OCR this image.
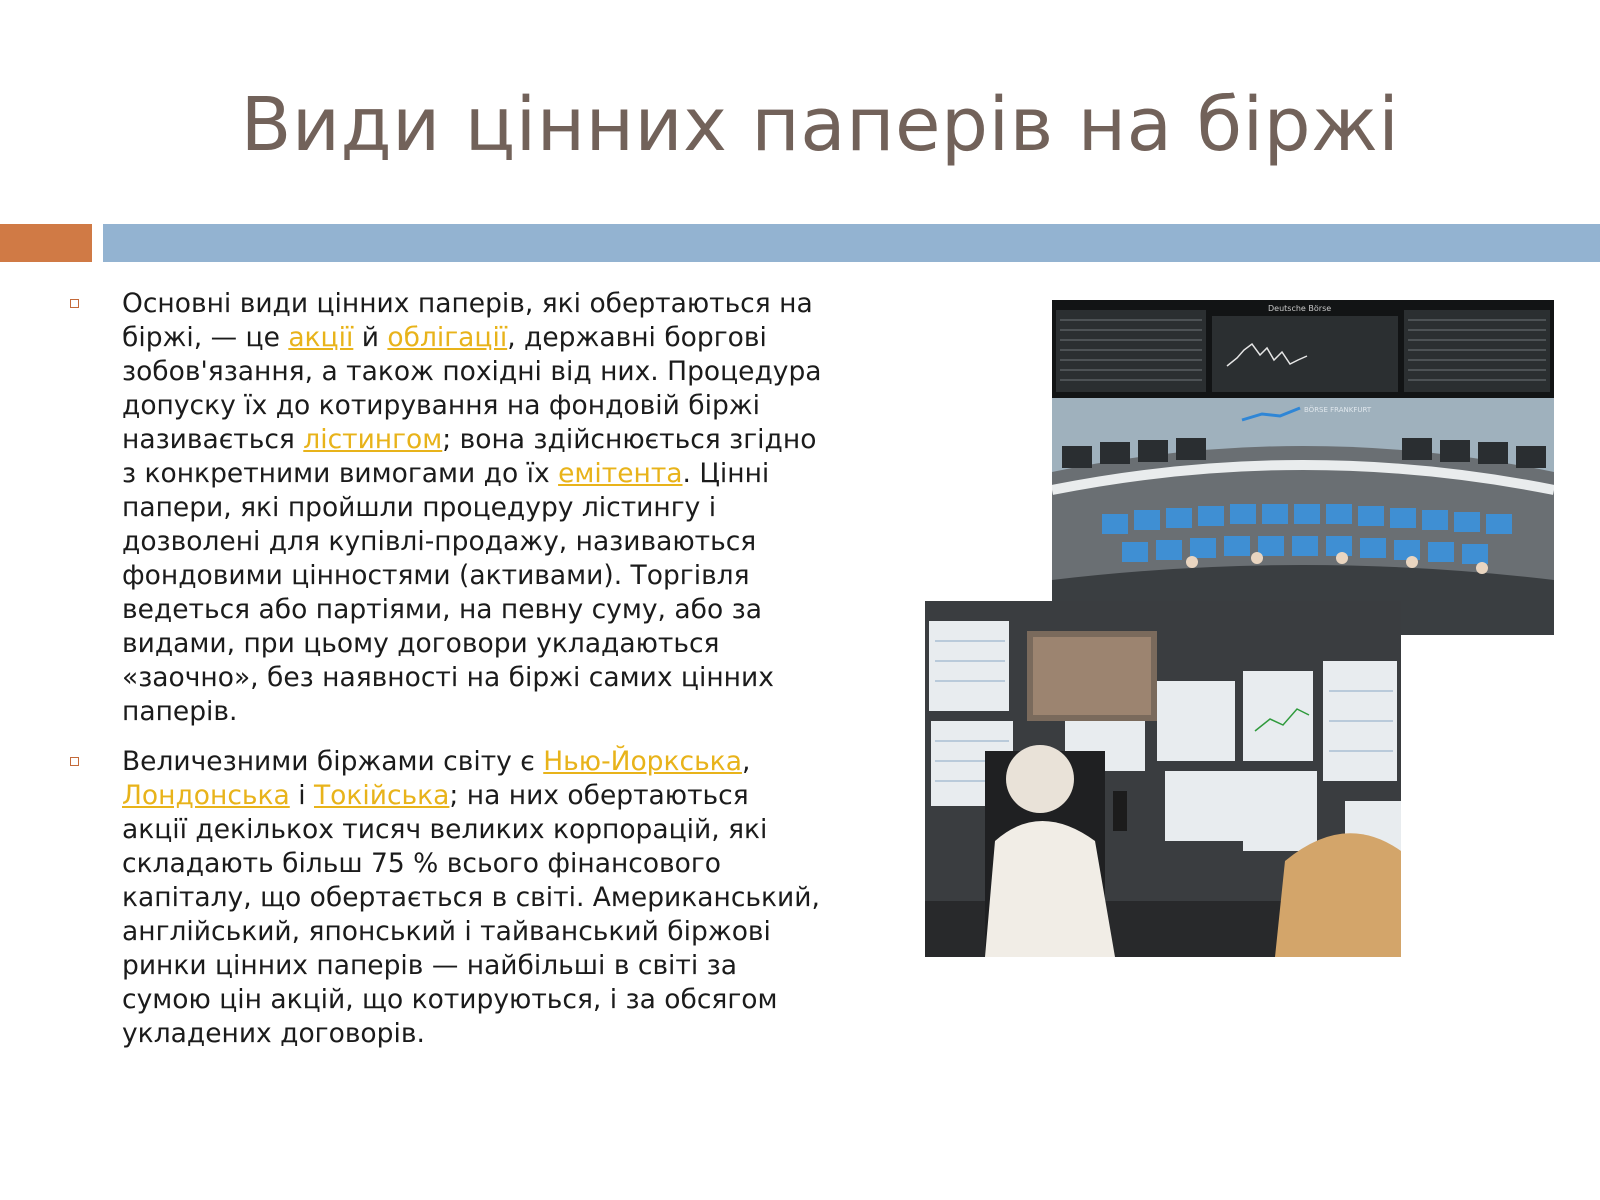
Види цінних паперів на біржі
Основні види цінних паперів, які обертаються на біржі, — це акції й облігації, державні боргові зобов'язання, а також похідні від них. Процедура допуску їх до котирування на фондовій біржі називається лістингом; вона здійснюється згідно з конкретними вимогами до їх емітента. Цінні папери, які пройшли процедуру лістингу і дозволені для купівлі-продажу, називаються фондовими цінностями (активами). Торгівля ведеться або партіями, на певну суму, або за видами, при цьому договори укладаються «заочно», без наявності на біржі самих цінних паперів.
Величезними біржами світу є Нью-Йоркська, Лондонська і Токійська; на них обертаються акції декількох тисяч великих корпорацій, які складають більш 75 % всього фінансового капіталу, що обертається в світі. Американський, англійський, японський і тайванський біржові ринки цінних паперів — найбільші в світі за сумою цін акцій, що котируються, і за обсягом укладених договорів.
Deutsche Börse
BÖRSE FRANKFURT
